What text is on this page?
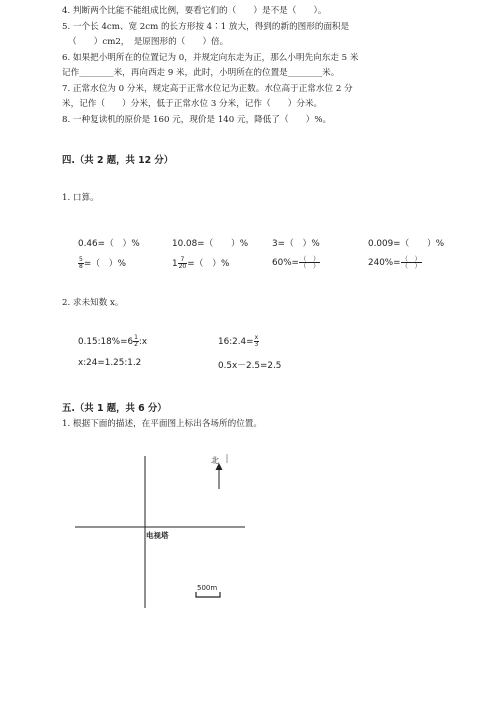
4. 判断两个比能不能组成比例，要看它们的（　　）是不是（　　）。
5. 一个长 4cm、宽 2cm 的长方形按 4∶1 放大，得到的新的图形的面积是
（　　）cm2，　是原图形的（　　）倍。
6. 如果把小明所在的位置记为 0，并规定向东走为正，那么小明先向东走 5 米
记作________米，再向西走 9 米，此时，小明所在的位置是________米。
7. 正常水位为 0 分米，规定高于正常水位记为正数。水位高于正常水位 2 分
米，记作（　　）分米，低于正常水位 3 分米，记作（　　）分米。
8. 一种复读机的原价是 160 元，现价是 140 元，降低了（　　）%。
四.（共 2 题，共 12 分）
1. 口算。
0.46=（　）%	10.08=（　　）%	3=（　）%	0.009=（　　）%
$\frac{5}{8}$ =（　）%	$1 \frac{7}{20}$ =（　）%	$60\%= \frac{( )}{( )}$	$240\%= \frac{( )}{( )}$
2. 求未知数 x。
0.15:18%=6 $\frac{1}{2}$ :x	16:2.4= $\frac{x}{3}$
x:24=1.25:1.2	0.5x－2.5=2.5
五.（共 1 题，共 6 分）
1. 根据下面的描述，在平面图上标出各场所的位置。
北
电视塔
500m
